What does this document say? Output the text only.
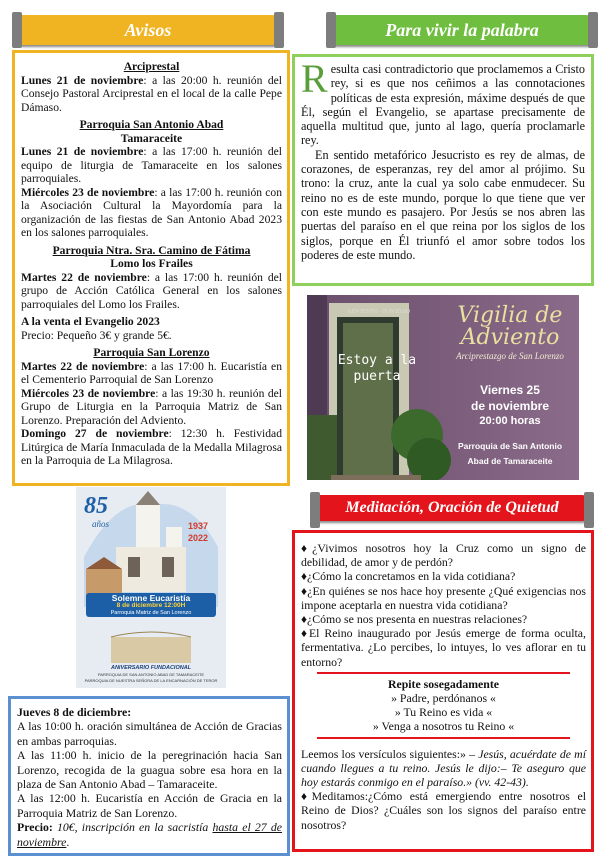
Avisos	Para vivir la palabra
Meditación, Oración de Quietud
Arciprestal

Lunes 21 de noviembre: a las 20:00 h. reunión del Consejo Pastoral Arciprestal en el local de la calle Pepe Dámaso.

Parroquia San Antonio Abad
Tamaraceite

Lunes 21 de noviembre: a las 17:00 h. reunión del equipo de liturgia de Tamaraceite en los salones parroquiales.

Miércoles 23 de noviembre: a las 17:00 h. reunión con la Asociación Cultural la Mayordomía para la organización de las fiestas de San Antonio Abad 2023 en los salones parroquiales.

Parroquia Ntra. Sra. Camino de Fátima
Lomo los Frailes

Martes 22 de noviembre: a las 17:00 h. reunión del grupo de Acción Católica General en los salones parroquiales del Lomo los Frailes.

A la venta el Evangelio 2023

Precio: Pequeño 3€ y grande 5€.

Parroquia San Lorenzo

Martes 22 de noviembre: a las 17:00 h. Eucaristía en el Cementerio Parroquial de San Lorenzo

Miércoles 23 de noviembre: a las 19:30 h. reunión del Grupo de Liturgia en la Parroquia Matriz de San Lorenzo. Preparación del Adviento.

Domingo 27 de noviembre: 12:30 h. Festividad Litúrgica de María Inmaculada de la Medalla Milagrosa en la Parroquia de La Milagrosa.

Resulta casi contradictorio que proclamemos a Cristo rey, si es que nos ceñimos a las connotaciones políticas de esta expresión, máxime después de que Él, según el Evangelio, se apartase precisamente de aquella multitud que, junto al lago, quería proclamarle rey.

En sentido metafórico Jesucristo es rey de almas, de corazones, de esperanzas, rey del amor al prójimo. Su trono: la cruz, ante la cual ya solo cabe enmudecer. Su reino no es de este mundo, porque lo que tiene que ver con este mundo es pasajero. Por Jesús se nos abren las puertas del paraíso en el que reina por los siglos de los siglos, porque en Él triunfó el amor sobre todos los poderes de este mundo.

ADVIENTO · NAVIDAD
Estoy a la puerta
Vigilia de Adviento
Arciprestazgo de San Lorenzo
Viernes 25
de noviembre
20:00 horas
Parroquia de San Antonio
Abad de Tamaraceite
85
años	1937
2022
Solemne Eucaristía
8 de diciembre 12:00H
Parroquia Matriz de San Lorenzo
ANIVERSARIO FUNDACIONAL
PARROQUIA DE SAN ANTONIO ABAD DE TAMARACEITE
PARROQUIA DE NUESTRA SEÑORA DE LA ENCARNACIÓN DE TEROR

Jueves 8 de diciembre:

A las 10:00 h. oración simultánea de Acción de Gracias en ambas parroquias.

A las 11:00 h. inicio de la peregrinación hacia San Lorenzo, recogida de la guagua sobre esa hora en la plaza de San Antonio Abad – Tamaraceite.

A las 12:00 h. Eucaristía en Acción de Gracia en la Parroquia Matriz de San Lorenzo.

Precio: 10€, inscripción en la sacristía hasta el 27 de noviembre.

♦¿Vivimos nosotros hoy la Cruz como un signo de debilidad, de amor y de perdón?

♦¿Cómo la concretamos en la vida cotidiana?

♦¿En quiénes se nos hace hoy presente ¿Qué exigencias nos impone aceptarla en nuestra vida cotidiana?

♦¿Cómo se nos presenta en nuestras relaciones?

♦El Reino inaugurado por Jesús emerge de forma oculta, fermentativa. ¿Lo percibes, lo intuyes, lo ves aflorar en tu entorno?

Repite sosegadamente

» Padre, perdónanos «

» Tu Reino es vida «

» Venga a nosotros tu Reino «

Leemos los versículos siguientes:» – Jesús, acuérdate de mí cuando llegues a tu reino. Jesús le dijo:– Te aseguro que hoy estarás conmigo en el paraíso.» (vv. 42-43).

♦Meditamos:¿Cómo está emergiendo entre nosotros el Reino de Dios? ¿Cuáles son los signos del paraíso entre nosotros?
